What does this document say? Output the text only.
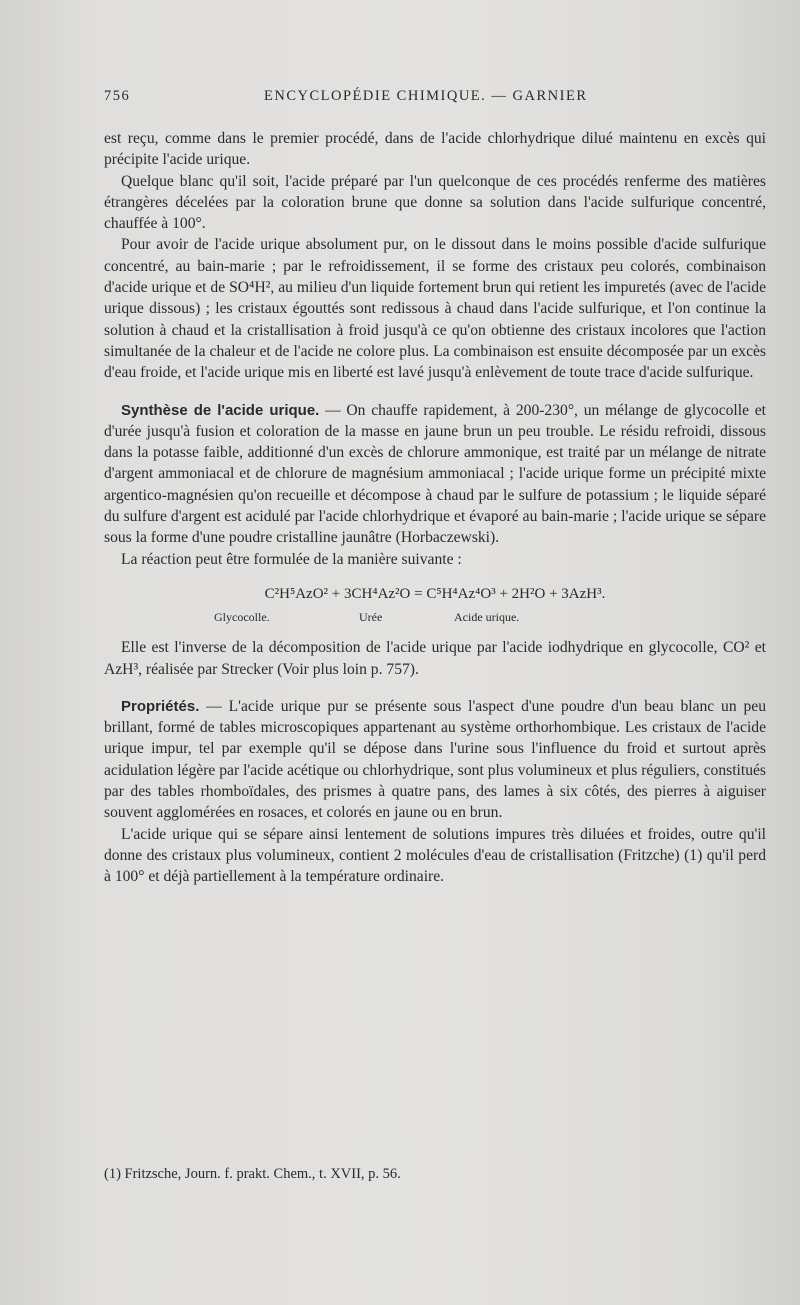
756	ENCYCLOPÉDIE CHIMIQUE. — GARNIER

est reçu, comme dans le premier procédé, dans de l'acide chlorhydrique dilué maintenu en excès qui précipite l'acide urique.

Quelque blanc qu'il soit, l'acide préparé par l'un quelconque de ces procédés renferme des matières étrangères décelées par la coloration brune que donne sa solution dans l'acide sulfurique concentré, chauffée à 100°.

Pour avoir de l'acide urique absolument pur, on le dissout dans le moins possible d'acide sulfurique concentré, au bain-marie ; par le refroidissement, il se forme des cristaux peu colorés, combinaison d'acide urique et de SO⁴H², au milieu d'un liquide fortement brun qui retient les impuretés (avec de l'acide urique dissous) ; les cristaux égouttés sont redissous à chaud dans l'acide sulfurique, et l'on continue la solution à chaud et la cristallisation à froid jusqu'à ce qu'on obtienne des cristaux incolores que l'action simultanée de la chaleur et de l'acide ne colore plus. La combinaison est ensuite décomposée par un excès d'eau froide, et l'acide urique mis en liberté est lavé jusqu'à enlèvement de toute trace d'acide sulfurique.

Synthèse de l'acide urique. — On chauffe rapidement, à 200-230°, un mélange de glycocolle et d'urée jusqu'à fusion et coloration de la masse en jaune brun un peu trouble. Le résidu refroidi, dissous dans la potasse faible, additionné d'un excès de chlorure ammonique, est traité par un mélange de nitrate d'argent ammoniacal et de chlorure de magnésium ammoniacal ; l'acide urique forme un précipité mixte argentico-magnésien qu'on recueille et décompose à chaud par le sulfure de potassium ; le liquide séparé du sulfure d'argent est acidulé par l'acide chlorhydrique et évaporé au bain-marie ; l'acide urique se sépare sous la forme d'une poudre cristalline jaunâtre (Horbaczewski).

La réaction peut être formulée de la manière suivante :

C²H⁵AzO² + 3CH⁴Az²O = C⁵H⁴Az⁴O³ + 2H²O + 3AzH³.
Glycocolle.	Urée	Acide urique.

Elle est l'inverse de la décomposition de l'acide urique par l'acide iodhydrique en glycocolle, CO² et AzH³, réalisée par Strecker (Voir plus loin p. 757).

Propriétés. — L'acide urique pur se présente sous l'aspect d'une poudre d'un beau blanc un peu brillant, formé de tables microscopiques appartenant au système orthorhombique. Les cristaux de l'acide urique impur, tel par exemple qu'il se dépose dans l'urine sous l'influence du froid et surtout après acidulation légère par l'acide acétique ou chlorhydrique, sont plus volumineux et plus réguliers, constitués par des tables rhomboïdales, des prismes à quatre pans, des lames à six côtés, des pierres à aiguiser souvent agglomérées en rosaces, et colorés en jaune ou en brun.

L'acide urique qui se sépare ainsi lentement de solutions impures très diluées et froides, outre qu'il donne des cristaux plus volumineux, contient 2 molécules d'eau de cristallisation (Fritzche) (1) qu'il perd à 100° et déjà partiellement à la température ordinaire.

(1) Fritzsche, Journ. f. prakt. Chem., t. XVII, p. 56.
